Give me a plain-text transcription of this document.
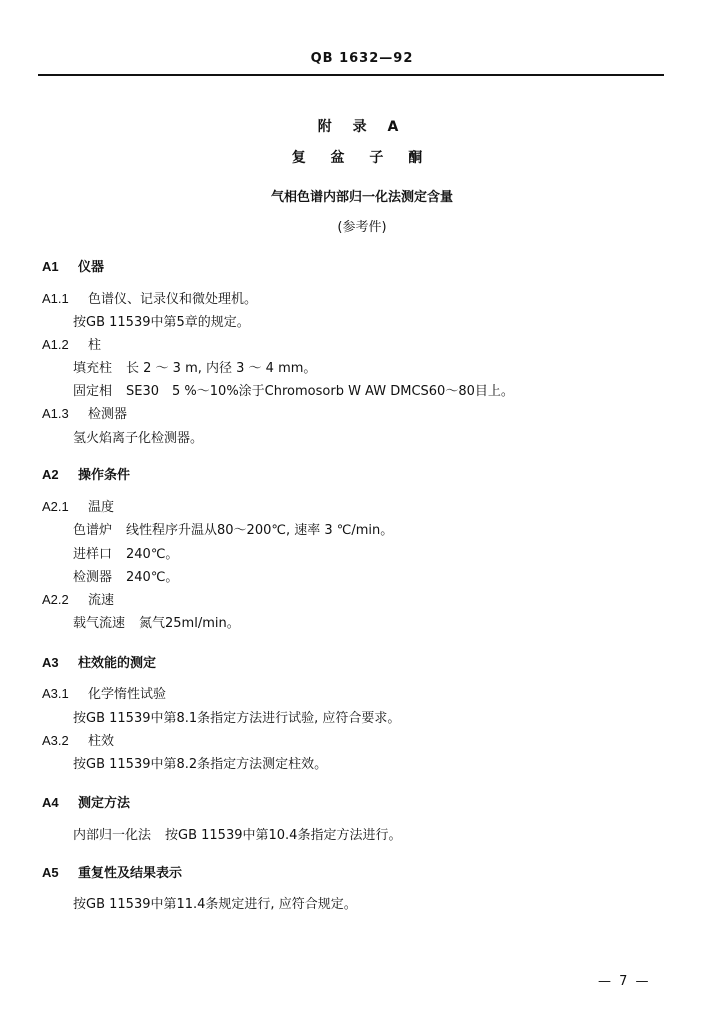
QB 1632—92
附 录 A
复 盆 子 酮
气相色谱内部归一化法测定含量
(参考件)
A1 仪器
A1.1 色谱仪、记录仪和微处理机。
按GB 11539中第5章的规定。
A1.2 柱
填充柱 长 2 ～ 3 m, 内径 3 ～ 4 mm。
固定相 SE30　5 %～10%涂于Chromosorb W AW DMCS60～80目上。
A1.3 检测器
氢火焰离子化检测器。
A2 操作条件
A2.1 温度
色谱炉 线性程序升温从80～200℃, 速率 3 ℃/min。
进样口 240℃。
检测器 240℃。
A2.2 流速
载气流速 氮气25ml/min。
A3 柱效能的测定
A3.1 化学惰性试验
按GB 11539中第8.1条指定方法进行试验, 应符合要求。
A3.2 柱效
按GB 11539中第8.2条指定方法测定柱效。
A4 测定方法
内部归一化法 按GB 11539中第10.4条指定方法进行。
A5 重复性及结果表示
按GB 11539中第11.4条规定进行, 应符合规定。
— 7 —
